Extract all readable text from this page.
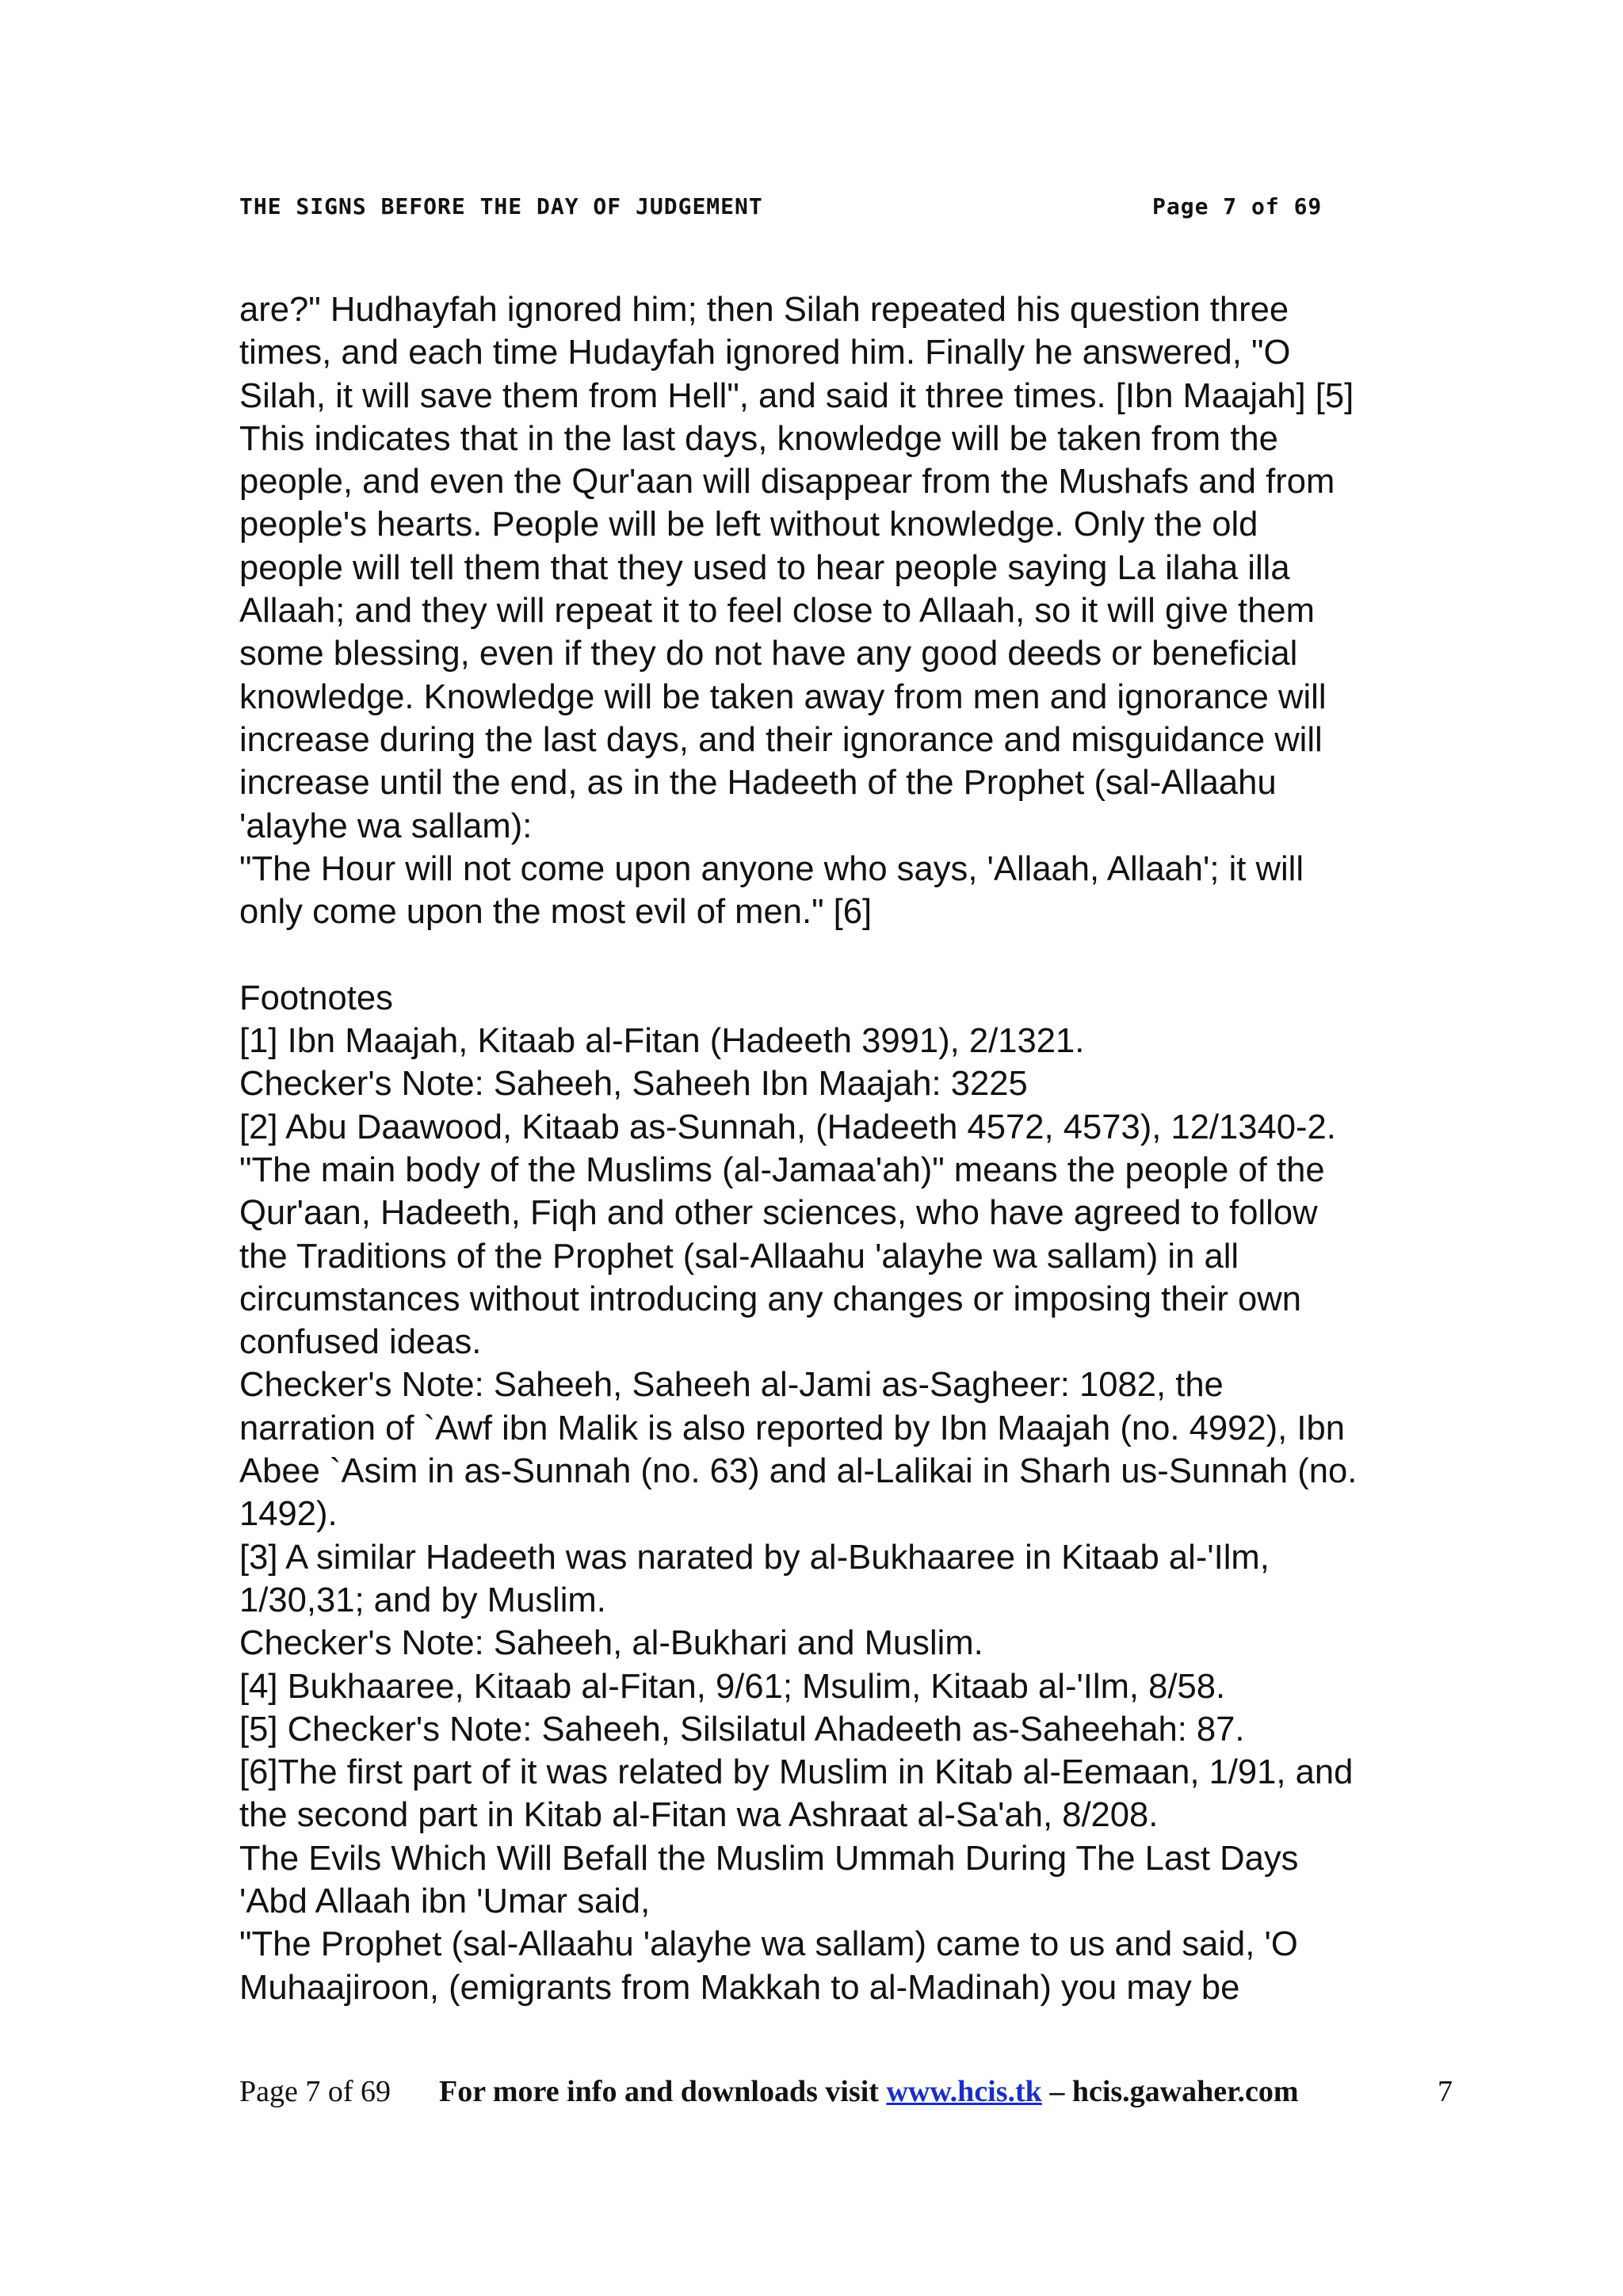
THE SIGNS BEFORE THE DAY OF JUDGEMENT	Page 7 of 69
are?" Hudhayfah ignored him; then Silah repeated his question three
times, and each time Hudayfah ignored him. Finally he answered, "O
Silah, it will save them from Hell", and said it three times. [Ibn Maajah] [5]
This indicates that in the last days, knowledge will be taken from the
people, and even the Qur'aan will disappear from the Mushafs and from
people's hearts. People will be left without knowledge. Only the old
people will tell them that they used to hear people saying La ilaha illa
Allaah; and they will repeat it to feel close to Allaah, so it will give them
some blessing, even if they do not have any good deeds or beneficial
knowledge. Knowledge will be taken away from men and ignorance will
increase during the last days, and their ignorance and misguidance will
increase until the end, as in the Hadeeth of the Prophet (sal-Allaahu
'alayhe wa sallam):
"The Hour will not come upon anyone who says, 'Allaah, Allaah'; it will
only come upon the most evil of men." [6]
Footnotes
[1] Ibn Maajah, Kitaab al-Fitan (Hadeeth 3991), 2/1321.
Checker's Note: Saheeh, Saheeh Ibn Maajah: 3225
[2] Abu Daawood, Kitaab as-Sunnah, (Hadeeth 4572, 4573), 12/1340-2.
"The main body of the Muslims (al-Jamaa'ah)" means the people of the
Qur'aan, Hadeeth, Fiqh and other sciences, who have agreed to follow
the Traditions of the Prophet (sal-Allaahu 'alayhe wa sallam) in all
circumstances without introducing any changes or imposing their own
confused ideas.
Checker's Note: Saheeh, Saheeh al-Jami as-Sagheer: 1082, the
narration of `Awf ibn Malik is also reported by Ibn Maajah (no. 4992), Ibn
Abee `Asim in as-Sunnah (no. 63) and al-Lalikai in Sharh us-Sunnah (no.
1492).
[3] A similar Hadeeth was narated by al-Bukhaaree in Kitaab al-'Ilm,
1/30,31; and by Muslim.
Checker's Note: Saheeh, al-Bukhari and Muslim.
[4] Bukhaaree, Kitaab al-Fitan, 9/61; Msulim, Kitaab al-'Ilm, 8/58.
[5] Checker's Note: Saheeh, Silsilatul Ahadeeth as-Saheehah: 87.
[6]The first part of it was related by Muslim in Kitab al-Eemaan, 1/91, and
the second part in Kitab al-Fitan wa Ashraat al-Sa'ah, 8/208.
The Evils Which Will Befall the Muslim Ummah During The Last Days
'Abd Allaah ibn 'Umar said,
"The Prophet (sal-Allaahu 'alayhe wa sallam) came to us and said, 'O
Muhaajiroon, (emigrants from Makkah to al-Madinah) you may be
Page 7 of 69 For more info and downloads visit www.hcis.tk – hcis.gawaher.com	7
